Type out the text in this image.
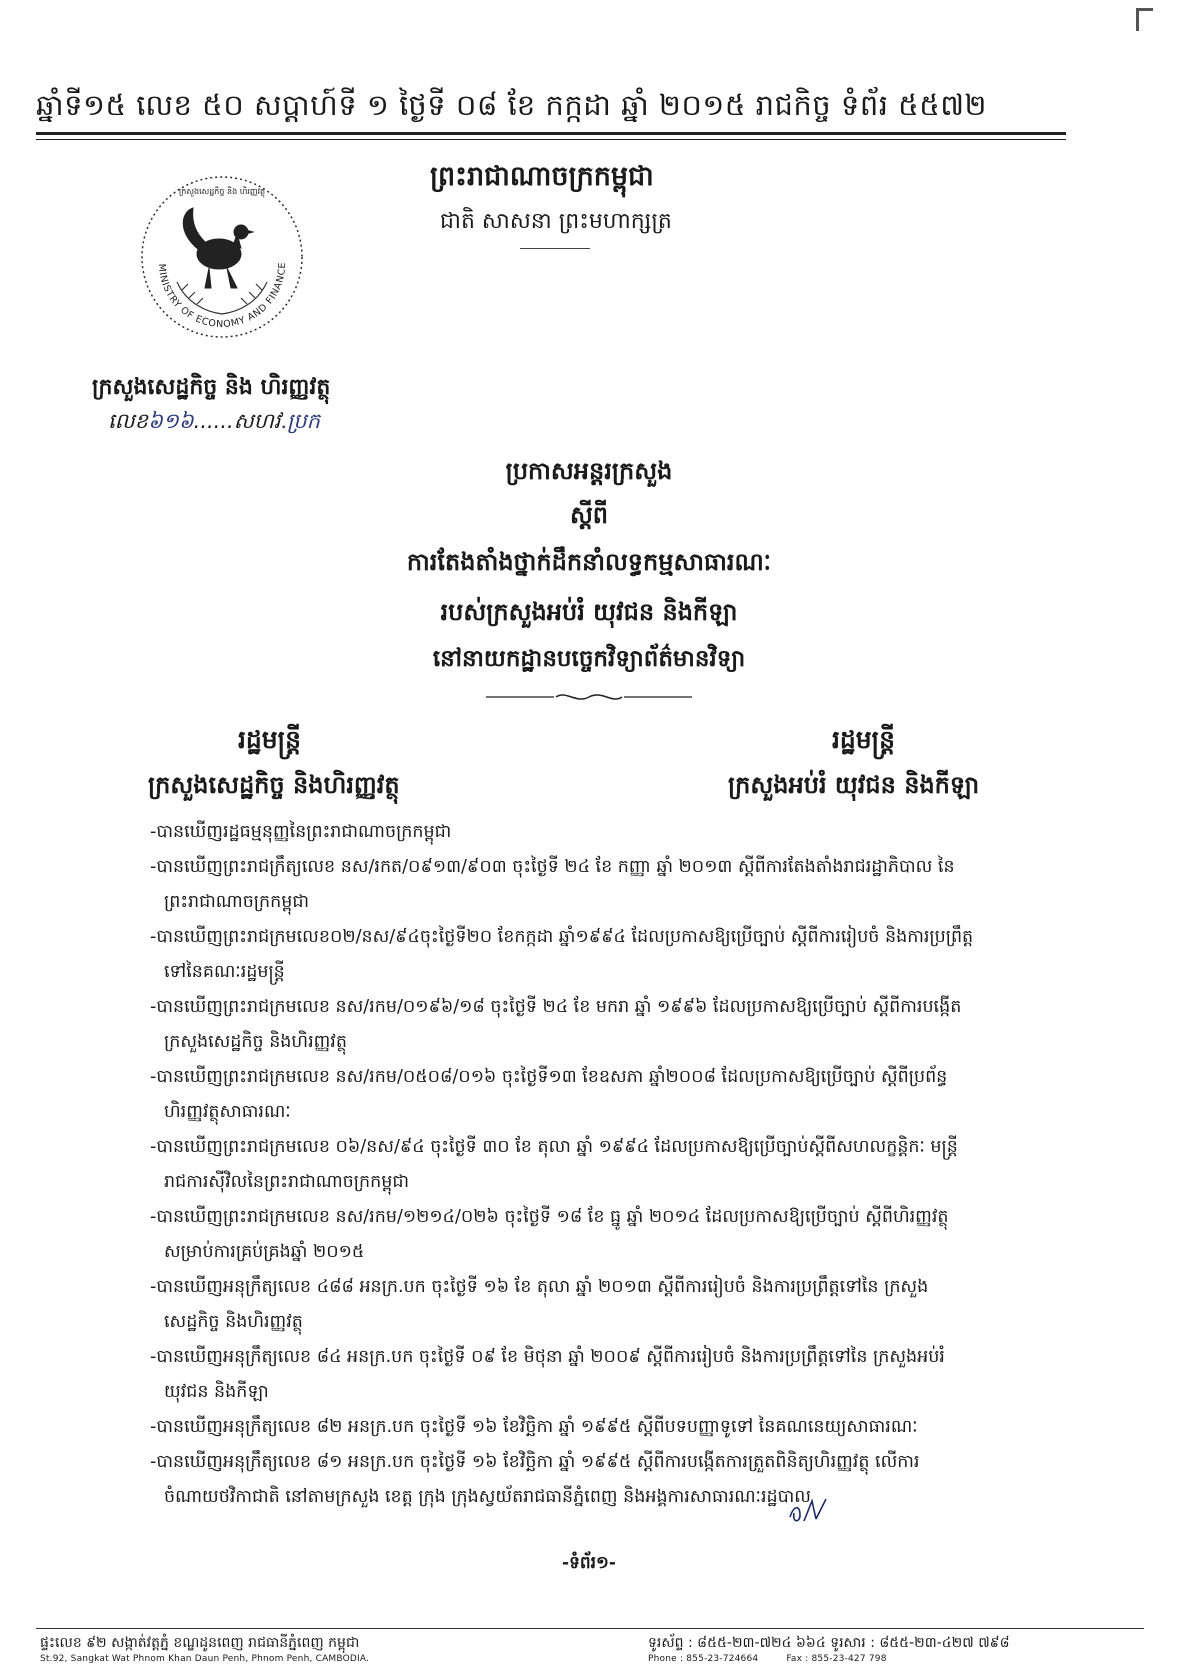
ឆ្នាំទី១៥ លេខ ៥០ សប្ដាហ៍ទី ១ ថ្ងៃទី ០៨ ខែ កក្កដា ឆ្នាំ ២០១៥ រាជកិច្ច ទំព័រ ៥៥៧២
ព្រះរាជាណាចក្រកម្ពុជា
ជាតិ សាសនា ព្រះមហាក្សត្រ
MINISTRY OF ECONOMY AND FINANCE
ក្រសួងសេដ្ឋកិច្ច និង ហិរញ្ញវត្ថុ
ក្រសួងសេដ្ឋកិច្ច និង ហិរញ្ញវត្ថុ
លេខ៦១៦......សហវ.ប្រក
ប្រកាសអន្តរក្រសួង
ស្ដីពី
ការតែងតាំងថ្នាក់ដឹកនាំលទ្ធកម្មសាធារណៈ
របស់ក្រសួងអប់រំ យុវជន និងកីឡា
នៅនាយកដ្ឋានបច្ចេកវិទ្យាព័ត៌មានវិទ្យា
រដ្ឋមន្ត្រី
ក្រសួងសេដ្ឋកិច្ច និងហិរញ្ញវត្ថុ
រដ្ឋមន្ត្រី
ក្រសួងអប់រំ យុវជន និងកីឡា
-បានឃើញរដ្ឋធម្មនុញ្ញនៃព្រះរាជាណាចក្រកម្ពុជា
-បានឃើញព្រះរាជក្រឹត្យលេខ នស/រកត/០៩១៣/៩០៣ ចុះថ្ងៃទី ២៤ ខែ កញ្ញា ឆ្នាំ ២០១៣ ស្ដីពីការតែងតាំងរាជរដ្ឋាភិបាល នៃ
ព្រះរាជាណាចក្រកម្ពុជា
-បានឃើញព្រះរាជក្រមលេខ០២/នស/៩៤ចុះថ្ងៃទី២០ ខែកក្កដា ឆ្នាំ១៩៩៤ ដែលប្រកាសឱ្យប្រើច្បាប់ ស្ដីពីការរៀបចំ និងការប្រព្រឹត្ត
ទៅនៃគណៈរដ្ឋមន្ត្រី
-បានឃើញព្រះរាជក្រមលេខ នស/រកម/០១៩៦/១៨ ចុះថ្ងៃទី ២៤ ខែ មករា ឆ្នាំ ១៩៩៦ ដែលប្រកាសឱ្យប្រើច្បាប់ ស្ដីពីការបង្កើត
ក្រសួងសេដ្ឋកិច្ច និងហិរញ្ញវត្ថុ
-បានឃើញព្រះរាជក្រមលេខ នស/រកម/០៥០៨/០១៦ ចុះថ្ងៃទី១៣ ខែឧសភា ឆ្នាំ២០០៨ ដែលប្រកាសឱ្យប្រើច្បាប់ ស្ដីពីប្រព័ន្ធ
ហិរញ្ញវត្ថុសាធារណៈ
-បានឃើញព្រះរាជក្រមលេខ ០៦/នស/៩៤ ចុះថ្ងៃទី ៣០ ខែ តុលា ឆ្នាំ ១៩៩៤ ដែលប្រកាសឱ្យប្រើច្បាប់ស្ដីពីសហលក្ខន្តិកៈ មន្ត្រី
រាជការស៊ីវិលនៃព្រះរាជាណាចក្រកម្ពុជា
-បានឃើញព្រះរាជក្រមលេខ នស/រកម/១២១៤/០២៦ ចុះថ្ងៃទី ១៨ ខែ ធ្នូ ឆ្នាំ ២០១៤ ដែលប្រកាសឱ្យប្រើច្បាប់ ស្ដីពីហិរញ្ញវត្ថុ
សម្រាប់ការគ្រប់គ្រងឆ្នាំ ២០១៥
-បានឃើញអនុក្រឹត្យលេខ ៤៨៨ អនក្រ.បក ចុះថ្ងៃទី ១៦ ខែ តុលា ឆ្នាំ ២០១៣ ស្ដីពីការរៀបចំ និងការប្រព្រឹត្តទៅនៃ ក្រសួង
សេដ្ឋកិច្ច និងហិរញ្ញវត្ថុ
-បានឃើញអនុក្រឹត្យលេខ ៨៤ អនក្រ.បក ចុះថ្ងៃទី ០៩ ខែ មិថុនា ឆ្នាំ ២០០៩ ស្ដីពីការរៀបចំ និងការប្រព្រឹត្តទៅនៃ ក្រសួងអប់រំ
យុវជន និងកីឡា
-បានឃើញអនុក្រឹត្យលេខ ៨២ អនក្រ.បក ចុះថ្ងៃទី ១៦ ខែវិច្ឆិកា ឆ្នាំ ១៩៩៥ ស្ដីពីបទបញ្ញាទូទៅ នៃគណនេយ្យសាធារណៈ
-បានឃើញអនុក្រឹត្យលេខ ៨១ អនក្រ.បក ចុះថ្ងៃទី ១៦ ខែវិច្ឆិកា ឆ្នាំ ១៩៩៥ ស្ដីពីការបង្កើតការត្រួតពិនិត្យហិរញ្ញវត្ថុ លើការ
ចំណាយថវិកាជាតិ នៅតាមក្រសួង ខេត្ត ក្រុង ក្រុងស្វយ័តរាជធានីភ្នំពេញ និងអង្គការសាធារណៈរដ្ឋបាល
-ទំព័រ១-
ផ្ទះលេខ ៩២ សង្កាត់វត្តភ្នំ ខណ្ឌដូនពេញ រាជធានីភ្នំពេញ កម្ពុជា
St.92, Sangkat Wat Phnom Khan Daun Penh, Phnom Penh, CAMBODIA.
ទូរស័ព្ទ : ៨៥៥-២៣-៧២៤ ៦៦៤ ទូរសារ : ៨៥៥-២៣-៤២៧ ៧៩៨
Phone : 855-23-724664	Fax : 855-23-427 798
